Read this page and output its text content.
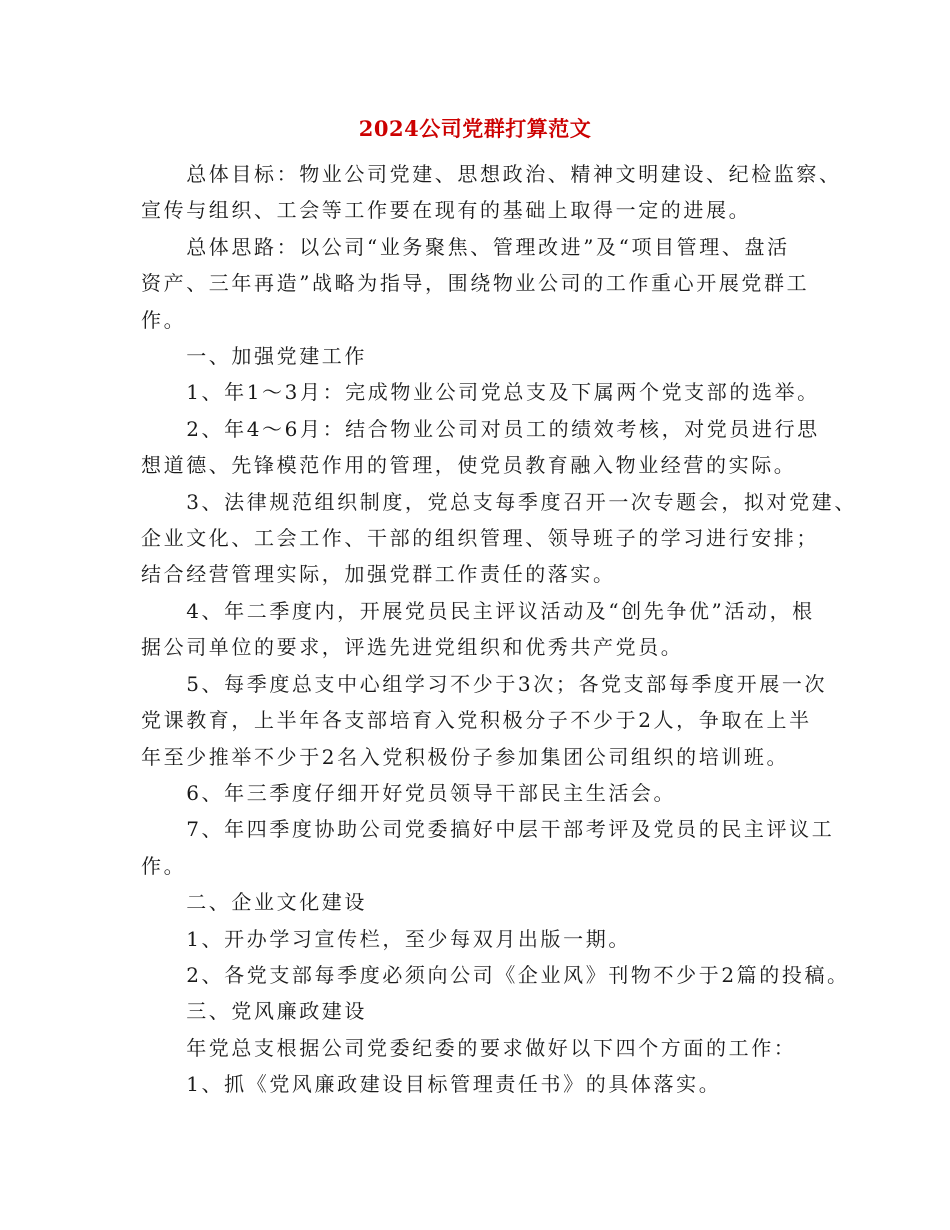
2024公司党群打算范文

　　总体目标：物业公司党建、思想政治、精神文明建设、纪检监察、

宣传与组织、工会等工作要在现有的基础上取得一定的进展。

　　总体思路：以公司“业务聚焦、管理改进”及“项目管理、盘活

资产、三年再造”战略为指导，围绕物业公司的工作重心开展党群工

作。

　　一、加强党建工作

　　1、年1～3月：完成物业公司党总支及下属两个党支部的选举。

　　2、年4～6月：结合物业公司对员工的绩效考核，对党员进行思

想道德、先锋模范作用的管理，使党员教育融入物业经营的实际。

　　3、法律规范组织制度，党总支每季度召开一次专题会，拟对党建、

企业文化、工会工作、干部的组织管理、领导班子的学习进行安排；

结合经营管理实际，加强党群工作责任的落实。

　　4、年二季度内，开展党员民主评议活动及“创先争优”活动，根

据公司单位的要求，评选先进党组织和优秀共产党员。

　　5、每季度总支中心组学习不少于3次；各党支部每季度开展一次

党课教育，上半年各支部培育入党积极分子不少于2人，争取在上半

年至少推举不少于2名入党积极份子参加集团公司组织的培训班。

　　6、年三季度仔细开好党员领导干部民主生活会。

　　7、年四季度协助公司党委搞好中层干部考评及党员的民主评议工

作。

　　二、企业文化建设

　　1、开办学习宣传栏，至少每双月出版一期。

　　2、各党支部每季度必须向公司《企业风》刊物不少于2篇的投稿。

　　三、党风廉政建设

　　年党总支根据公司党委纪委的要求做好以下四个方面的工作：

　　1、抓《党风廉政建设目标管理责任书》的具体落实。
